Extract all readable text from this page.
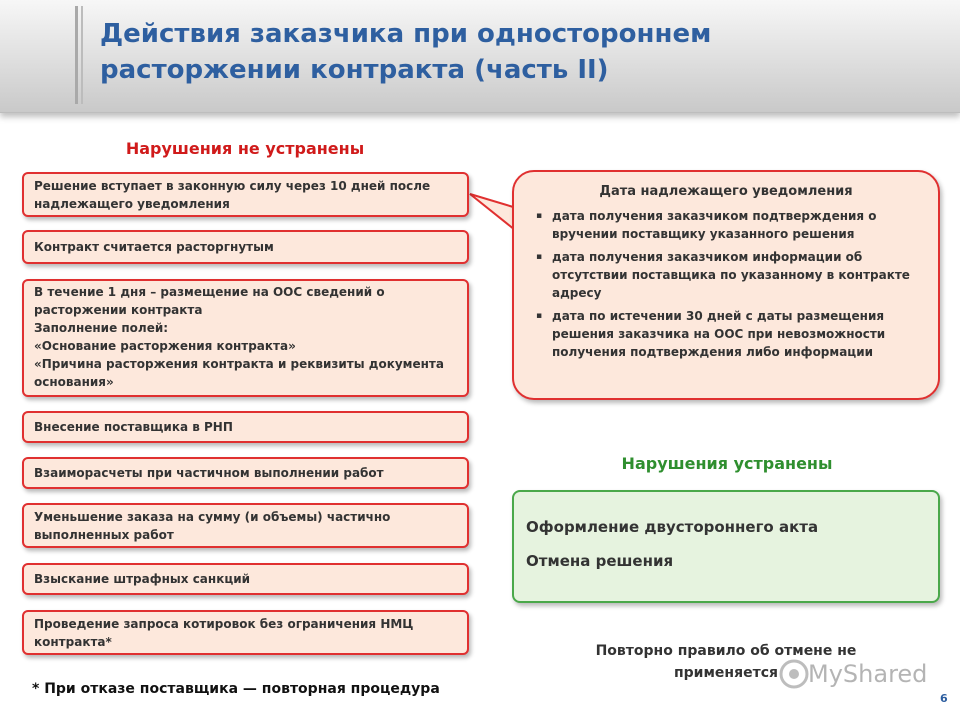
Действия заказчика при одностороннем расторжении контракта (часть II)
Нарушения не устранены
Решение вступает в законную силу через 10 дней после надлежащего уведомления
Контракт считается расторгнутым
В течение 1 дня – размещение на ООС сведений о расторжении контракта
Заполнение полей:
«Основание расторжения контракта»
«Причина расторжения контракта и реквизиты документа основания»
Внесение поставщика в РНП
Взаиморасчеты при частичном выполнении работ
Уменьшение заказа на сумму (и объемы) частично выполненных работ
Взыскание штрафных санкций
Проведение запроса котировок без ограничения НМЦ контракта*
Дата надлежащего уведомления
▪ дата получения заказчиком подтверждения о вручении поставщику указанного решения
▪ дата получения заказчиком информации об отсутствии поставщика по указанному в контракте адресу
▪ дата по истечении 30 дней с даты размещения решения заказчика на ООС при невозможности получения подтверждения либо информации
Нарушения устранены
Оформление двустороннего акта
Отмена решения
Повторно правило об отмене не применяется
* При отказе поставщика — повторная процедура
MyShared
6
